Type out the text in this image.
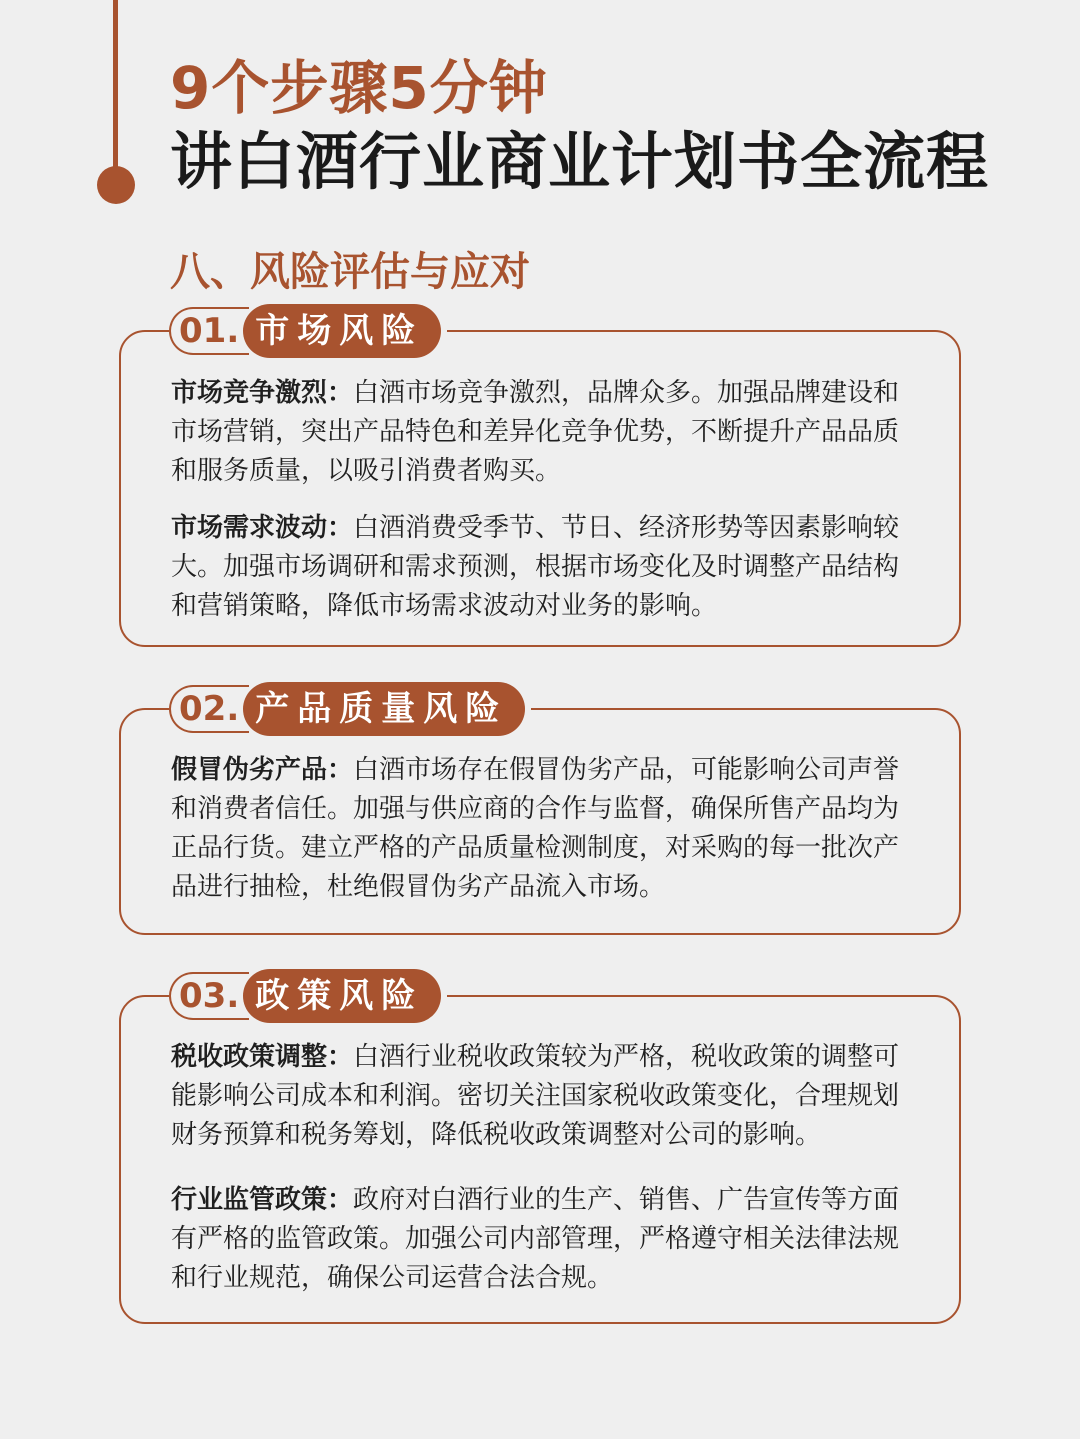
9个步骤5分钟
讲白酒行业商业计划书全流程
八、风险评估与应对
01. 市场风险
市场竞争激烈：白酒市场竞争激烈，品牌众多。加强品牌建设和市场营销，突出产品特色和差异化竞争优势，不断提升产品品质和服务质量，以吸引消费者购买。
市场需求波动：白酒消费受季节、节日、经济形势等因素影响较大。加强市场调研和需求预测，根据市场变化及时调整产品结构和营销策略，降低市场需求波动对业务的影响。
02. 产品质量风险
假冒伪劣产品：白酒市场存在假冒伪劣产品，可能影响公司声誉和消费者信任。加强与供应商的合作与监督，确保所售产品均为正品行货。建立严格的产品质量检测制度，对采购的每一批次产品进行抽检，杜绝假冒伪劣产品流入市场。
03. 政策风险
税收政策调整：白酒行业税收政策较为严格，税收政策的调整可能影响公司成本和利润。密切关注国家税收政策变化，合理规划财务预算和税务筹划，降低税收政策调整对公司的影响。
行业监管政策：政府对白酒行业的生产、销售、广告宣传等方面有严格的监管政策。加强公司内部管理，严格遵守相关法律法规和行业规范，确保公司运营合法合规。
